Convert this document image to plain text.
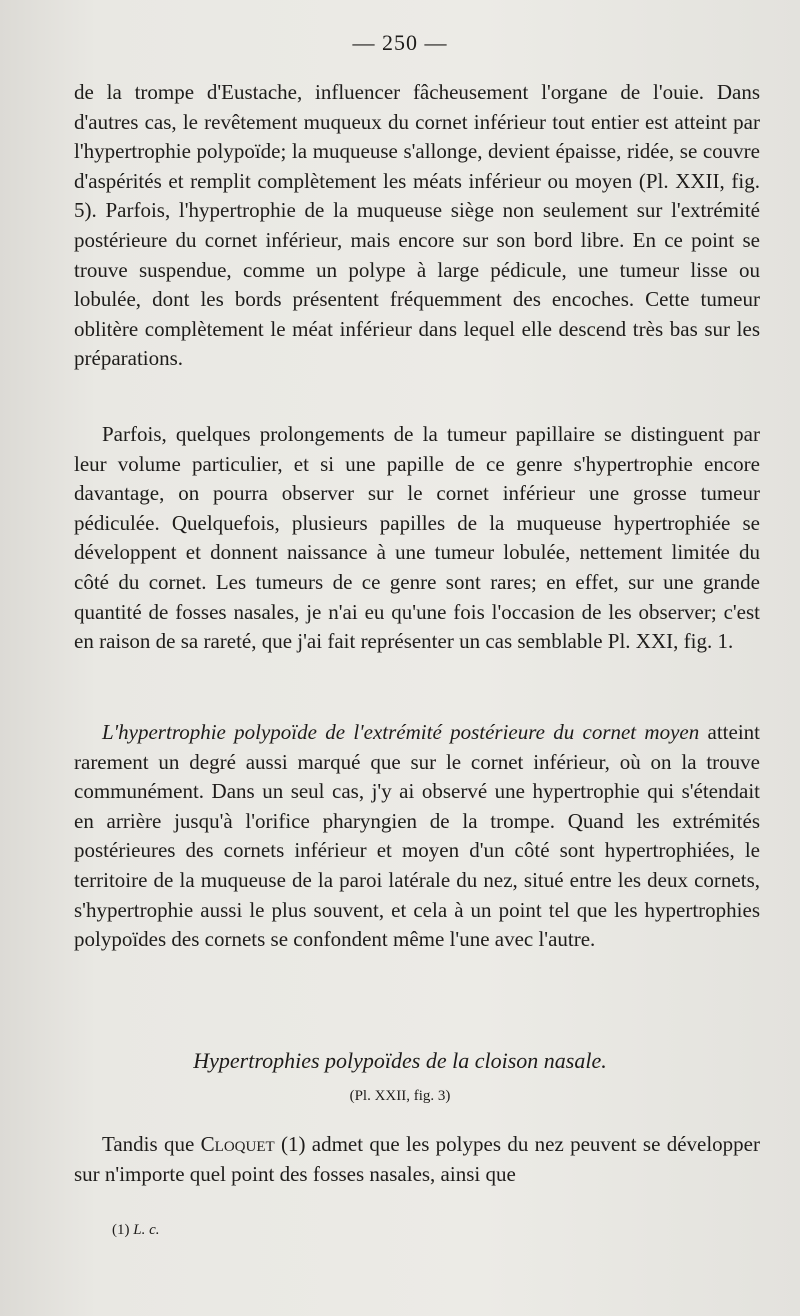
— 250 —

de la trompe d'Eustache, influencer fâcheusement l'organe de l'ouie. Dans d'autres cas, le revêtement muqueux du cornet inférieur tout entier est atteint par l'hypertrophie polypoïde; la muqueuse s'allonge, devient épaisse, ridée, se couvre d'aspérités et remplit complètement les méats inférieur ou moyen (Pl. XXII, fig. 5). Parfois, l'hypertrophie de la muqueuse siège non seulement sur l'extrémité postérieure du cornet inférieur, mais encore sur son bord libre. En ce point se trouve suspendue, comme un polype à large pédicule, une tumeur lisse ou lobulée, dont les bords présentent fréquemment des encoches. Cette tumeur oblitère complètement le méat inférieur dans lequel elle descend très bas sur les préparations.

Parfois, quelques prolongements de la tumeur papillaire se distinguent par leur volume particulier, et si une papille de ce genre s'hypertrophie encore davantage, on pourra observer sur le cornet inférieur une grosse tumeur pédiculée. Quelquefois, plusieurs papilles de la muqueuse hypertrophiée se développent et donnent naissance à une tumeur lobulée, nettement limitée du côté du cornet. Les tumeurs de ce genre sont rares; en effet, sur une grande quantité de fosses nasales, je n'ai eu qu'une fois l'occasion de les observer; c'est en raison de sa rareté, que j'ai fait représenter un cas semblable Pl. XXI, fig. 1.

L'hypertrophie polypoïde de l'extrémité postérieure du cornet moyen atteint rarement un degré aussi marqué que sur le cornet inférieur, où on la trouve communément. Dans un seul cas, j'y ai observé une hypertrophie qui s'étendait en arrière jusqu'à l'orifice pharyngien de la trompe. Quand les extrémités postérieures des cornets inférieur et moyen d'un côté sont hypertrophiées, le territoire de la muqueuse de la paroi latérale du nez, situé entre les deux cornets, s'hypertrophie aussi le plus souvent, et cela à un point tel que les hypertrophies polypoïdes des cornets se confondent même l'une avec l'autre.

Hypertrophies polypoïdes de la cloison nasale.
(Pl. XXII, fig. 3)

Tandis que Cloquet (1) admet que les polypes du nez peuvent se développer sur n'importe quel point des fosses nasales, ainsi que

(1) L. c.
